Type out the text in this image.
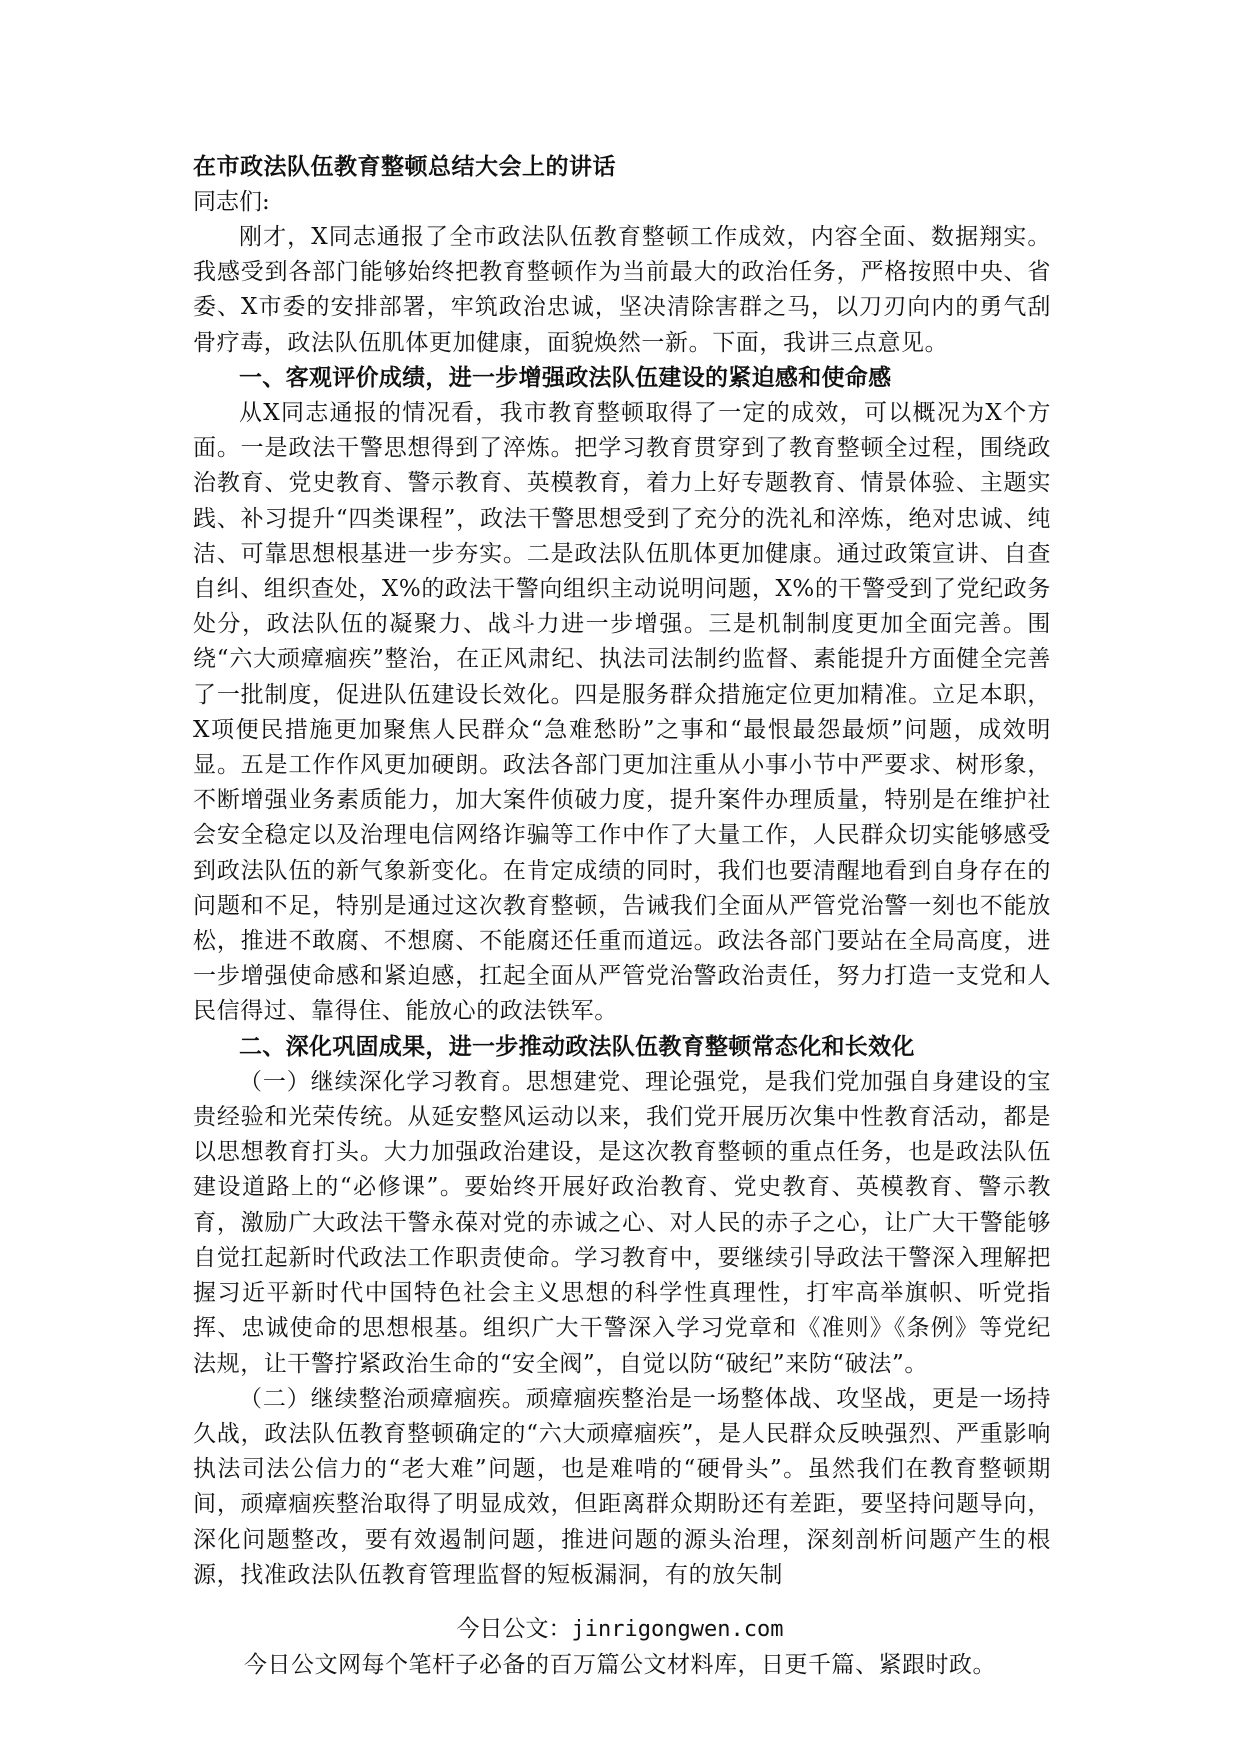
在市政法队伍教育整顿总结大会上的讲话

同志们:

刚才，X同志通报了全市政法队伍教育整顿工作成效，内容全面、数据翔实。我感受到各部门能够始终把教育整顿作为当前最大的政治任务，严格按照中央、省委、X市委的安排部署，牢筑政治忠诚，坚决清除害群之马，以刀刃向内的勇气刮骨疗毒，政法队伍肌体更加健康，面貌焕然一新。下面，我讲三点意见。

一、客观评价成绩，进一步增强政法队伍建设的紧迫感和使命感

从X同志通报的情况看，我市教育整顿取得了一定的成效，可以概况为X个方面。一是政法干警思想得到了淬炼。把学习教育贯穿到了教育整顿全过程，围绕政治教育、党史教育、警示教育、英模教育，着力上好专题教育、情景体验、主题实践、补习提升“四类课程”，政法干警思想受到了充分的洗礼和淬炼，绝对忠诚、纯洁、可靠思想根基进一步夯实。二是政法队伍肌体更加健康。通过政策宣讲、自查自纠、组织查处，X%的政法干警向组织主动说明问题，X%的干警受到了党纪政务处分，政法队伍的凝聚力、战斗力进一步增强。三是机制制度更加全面完善。围绕“六大顽瘴痼疾”整治，在正风肃纪、执法司法制约监督、素能提升方面健全完善了一批制度，促进队伍建设长效化。四是服务群众措施定位更加精准。立足本职，X项便民措施更加聚焦人民群众“急难愁盼”之事和“最恨最怨最烦”问题，成效明显。五是工作作风更加硬朗。政法各部门更加注重从小事小节中严要求、树形象，不断增强业务素质能力，加大案件侦破力度，提升案件办理质量，特别是在维护社会安全稳定以及治理电信网络诈骗等工作中作了大量工作，人民群众切实能够感受到政法队伍的新气象新变化。在肯定成绩的同时，我们也要清醒地看到自身存在的问题和不足，特别是通过这次教育整顿，告诫我们全面从严管党治警一刻也不能放松，推进不敢腐、不想腐、不能腐还任重而道远。政法各部门要站在全局高度，进一步增强使命感和紧迫感，扛起全面从严管党治警政治责任，努力打造一支党和人民信得过、靠得住、能放心的政法铁军。

二、深化巩固成果，进一步推动政法队伍教育整顿常态化和长效化

（一）继续深化学习教育。思想建党、理论强党，是我们党加强自身建设的宝贵经验和光荣传统。从延安整风运动以来，我们党开展历次集中性教育活动，都是以思想教育打头。大力加强政治建设，是这次教育整顿的重点任务，也是政法队伍建设道路上的“必修课”。要始终开展好政治教育、党史教育、英模教育、警示教育，激励广大政法干警永葆对党的赤诚之心、对人民的赤子之心，让广大干警能够自觉扛起新时代政法工作职责使命。学习教育中，要继续引导政法干警深入理解把握习近平新时代中国特色社会主义思想的科学性真理性，打牢高举旗帜、听党指挥、忠诚使命的思想根基。组织广大干警深入学习党章和《准则》《条例》等党纪法规，让干警拧紧政治生命的“安全阀”，自觉以防“破纪”来防“破法”。

（二）继续整治顽瘴痼疾。顽瘴痼疾整治是一场整体战、攻坚战，更是一场持久战，政法队伍教育整顿确定的“六大顽瘴痼疾”，是人民群众反映强烈、严重影响执法司法公信力的“老大难”问题，也是难啃的“硬骨头”。虽然我们在教育整顿期间，顽瘴痼疾整治取得了明显成效，但距离群众期盼还有差距，要坚持问题导向，深化问题整改，要有效遏制问题，推进问题的源头治理，深刻剖析问题产生的根源，找准政法队伍教育管理监督的短板漏洞，有的放矢制

今日公文：jinrigongwen.com
今日公文网每个笔杆子必备的百万篇公文材料库，日更千篇、紧跟时政。
